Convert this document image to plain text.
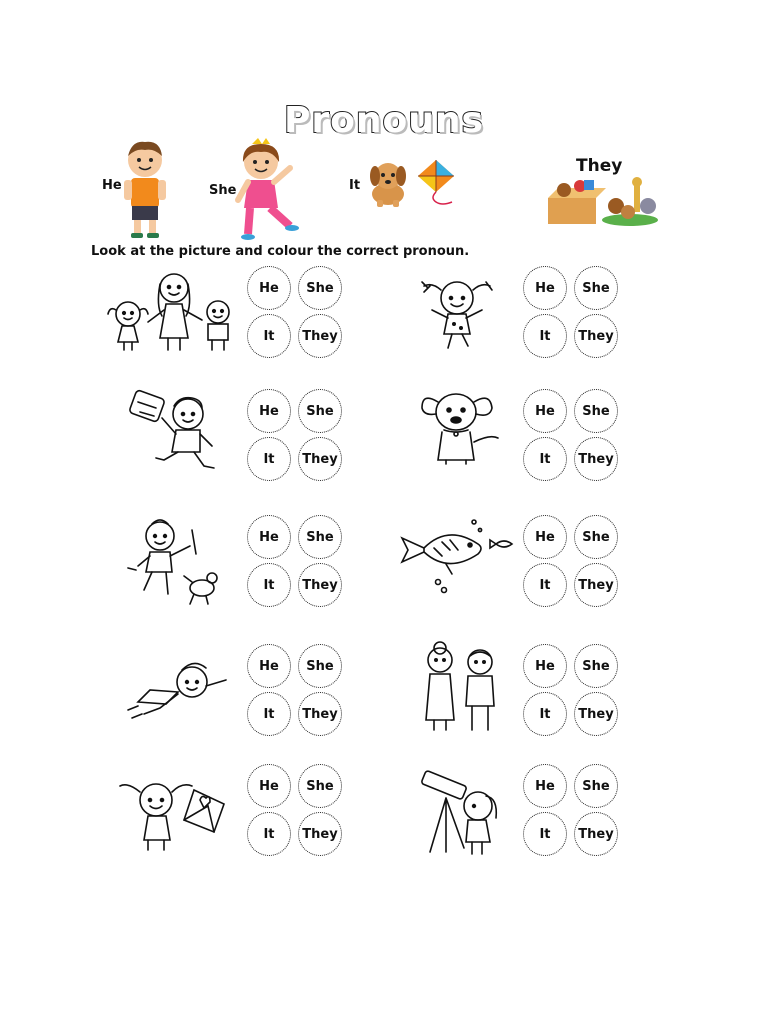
Pronouns
He	She	It
They
Look at the picture and colour the correct pronoun.
He	She
It	They
He	She
It	They
He	She
It	They
He	She
It	They
He	She
It	They
He	She
It	They
He	She
It	They
He	She
It	They
He	She
It	They
He	She
It	They
